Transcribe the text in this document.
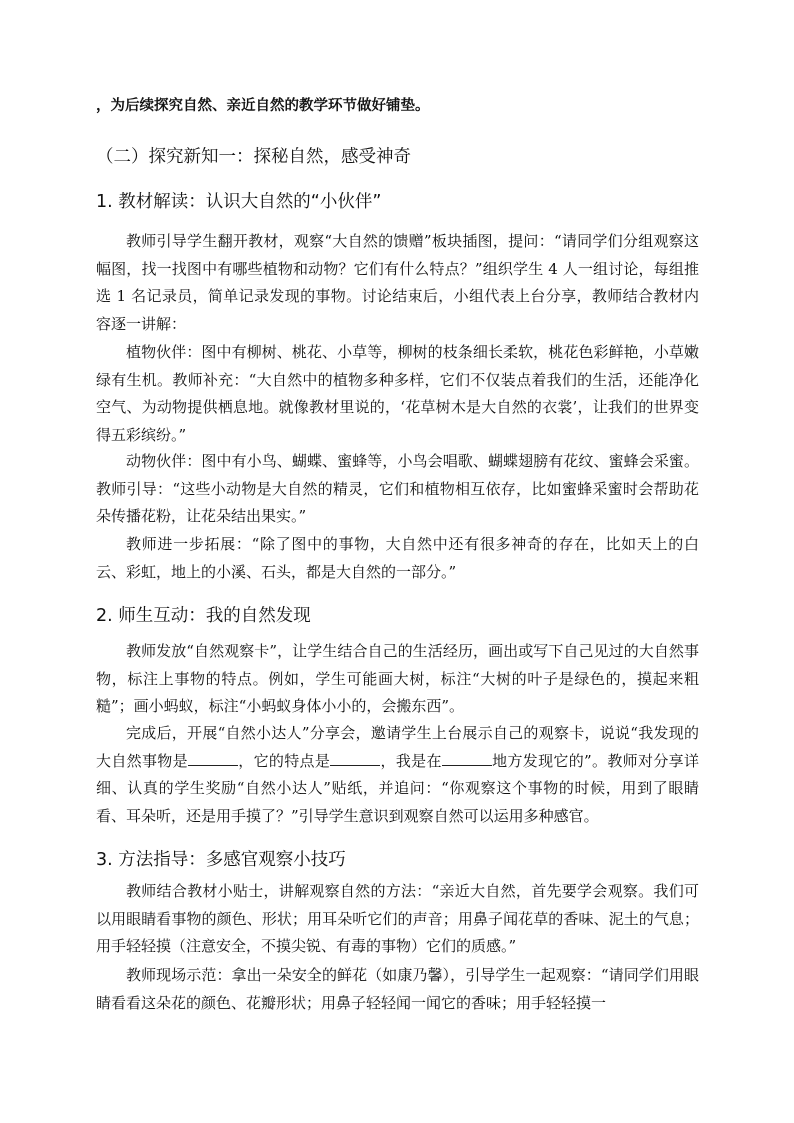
，为后续探究自然、亲近自然的教学环节做好铺垫。
（二）探究新知一：探秘自然，感受神奇
1. 教材解读：认识大自然的“小伙伴”

教师引导学生翻开教材，观察“大自然的馈赠”板块插图，提问：“请同学们分组观察这幅图，找一找图中有哪些植物和动物？它们有什么特点？”组织学生 4 人一组讨论，每组推选 1 名记录员，简单记录发现的事物。讨论结束后，小组代表上台分享，教师结合教材内容逐一讲解：

植物伙伴：图中有柳树、桃花、小草等，柳树的枝条细长柔软，桃花色彩鲜艳，小草嫩绿有生机。教师补充：“大自然中的植物多种多样，它们不仅装点着我们的生活，还能净化空气、为动物提供栖息地。就像教材里说的，‘花草树木是大自然的衣裳’，让我们的世界变得五彩缤纷。”

动物伙伴：图中有小鸟、蝴蝶、蜜蜂等，小鸟会唱歌、蝴蝶翅膀有花纹、蜜蜂会采蜜。教师引导：“这些小动物是大自然的精灵，它们和植物相互依存，比如蜜蜂采蜜时会帮助花朵传播花粉，让花朵结出果实。”

教师进一步拓展：“除了图中的事物，大自然中还有很多神奇的存在，比如天上的白云、彩虹，地上的小溪、石头，都是大自然的一部分。”

2. 师生互动：我的自然发现

教师发放“自然观察卡”，让学生结合自己的生活经历，画出或写下自己见过的大自然事物，标注上事物的特点。例如，学生可能画大树，标注“大树的叶子是绿色的，摸起来粗糙”；画小蚂蚁，标注“小蚂蚁身体小小的，会搬东西”。

完成后，开展“自然小达人”分享会，邀请学生上台展示自己的观察卡，说说“我发现的大自然事物是	，它的特点是	，我是在	地方发现它的”。教师对分享详细、认真的学生奖励“自然小达人”贴纸，并追问：“你观察这个事物的时候，用到了眼睛看、耳朵听，还是用手摸了？”引导学生意识到观察自然可以运用多种感官。

3. 方法指导：多感官观察小技巧

教师结合教材小贴士，讲解观察自然的方法：“亲近大自然，首先要学会观察。我们可以用眼睛看事物的颜色、形状；用耳朵听它们的声音；用鼻子闻花草的香味、泥土的气息；用手轻轻摸（注意安全，不摸尖锐、有毒的事物）它们的质感。”

教师现场示范：拿出一朵安全的鲜花（如康乃馨），引导学生一起观察：“请同学们用眼睛看看这朵花的颜色、花瓣形状；用鼻子轻轻闻一闻它的香味；用手轻轻摸一
